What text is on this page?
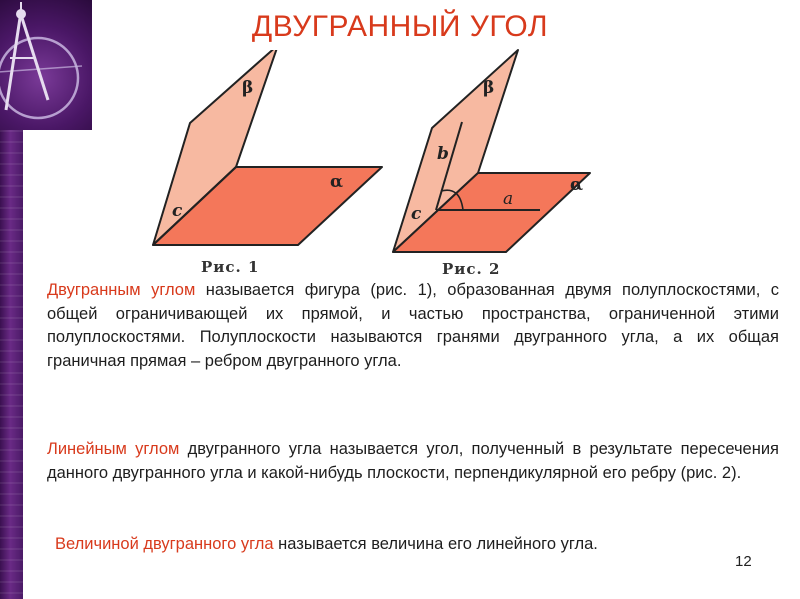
ДВУГРАННЫЙ УГОЛ
β
α
c
Рис. 1
β
α
c
b
a
Рис. 2

Двугранным углом называется фигура (рис. 1), образованная двумя полуплоскостями, с общей ограничивающей их прямой, и частью пространства, ограниченной этими полуплоскостями. Полуплоскости называются гранями двугранного угла, а их общая граничная прямая – ребром двугранного угла.

Линейным углом двугранного угла называется угол, полученный в результате пересечения данного двугранного угла и какой-нибудь плоскости, перпендикулярной его ребру (рис. 2).

Величиной двугранного угла называется величина его линейного угла.

12
